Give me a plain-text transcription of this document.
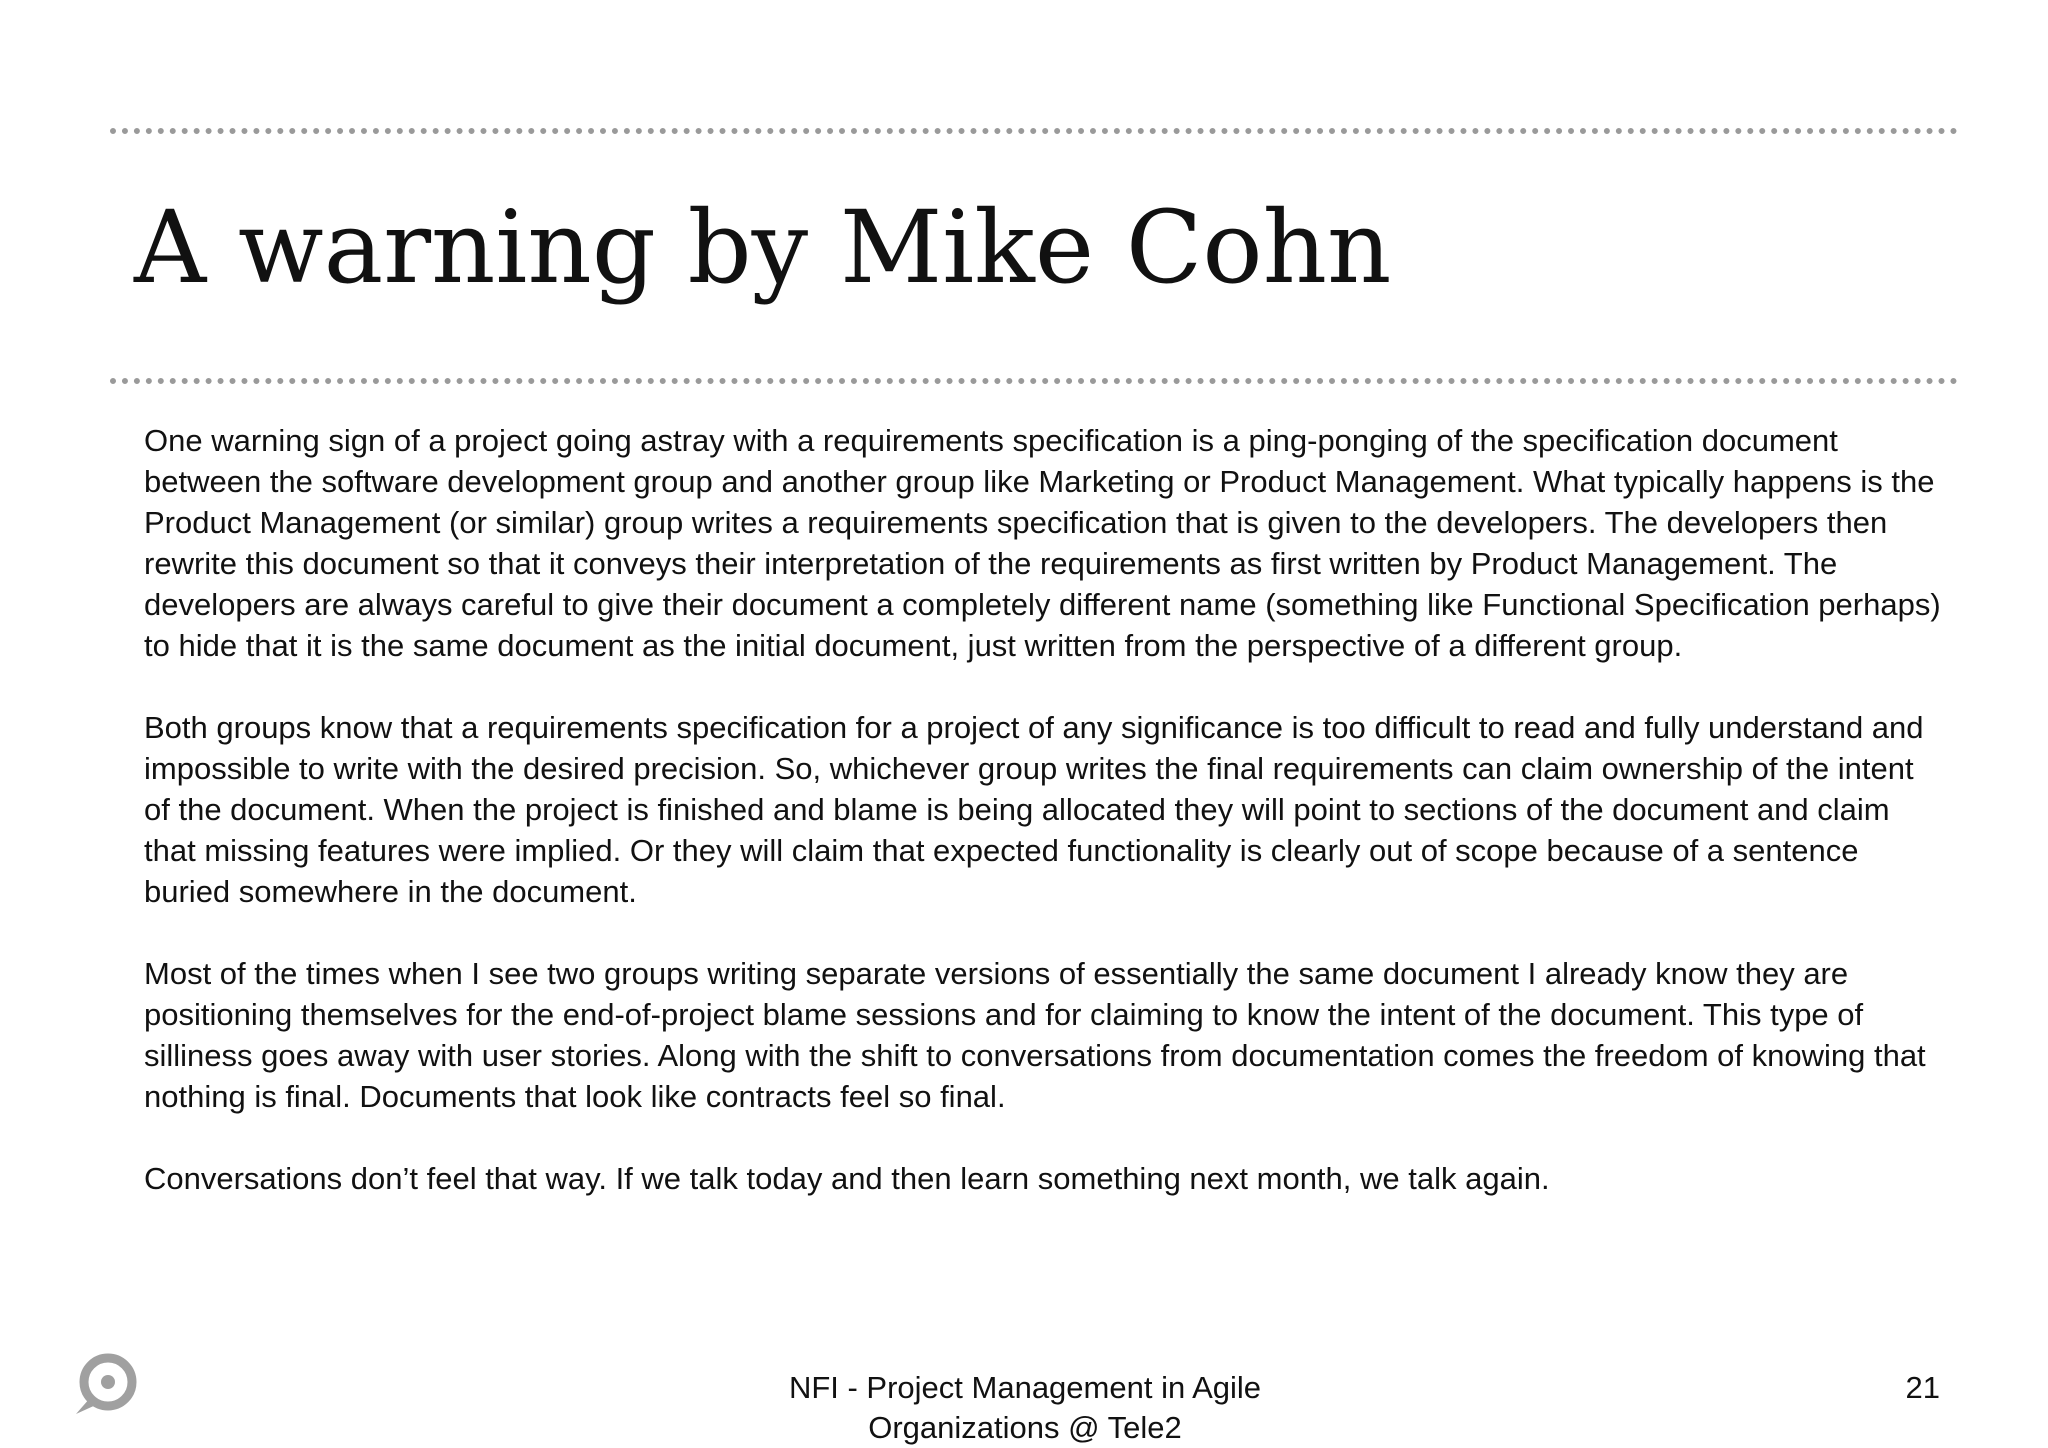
A warning by Mike Cohn

One warning sign of a project going astray with a requirements specification is a ping-ponging of the specification document between the software development group and another group like Marketing or Product Management. What typically happens is the Product Management (or similar) group writes a requirements specification that is given to the developers. The developers then rewrite this document so that it conveys their interpretation of the requirements as first written by Product Management. The developers are always careful to give their document a completely different name (something like Functional Specification perhaps) to hide that it is the same document as the initial document, just written from the perspective of a different group.

Both groups know that a requirements specification for a project of any significance is too difficult to read and fully understand and impossible to write with the desired precision. So, whichever group writes the final requirements can claim ownership of the intent of the document. When the project is finished and blame is being allocated they will point to sections of the document and claim that missing features were implied. Or they will claim that expected functionality is clearly out of scope because of a sentence buried somewhere in the document.

Most of the times when I see two groups writing separate versions of essentially the same document I already know they are positioning themselves for the end-of-project blame sessions and for claiming to know the intent of the document. This type of silliness goes away with user stories. Along with the shift to conversations from documentation comes the freedom of knowing that nothing is final. Documents that look like contracts feel so final.

Conversations don’t feel that way. If we talk today and then learn something next month, we talk again.

NFI - Project Management in Agile
Organizations @ Tele2
21
